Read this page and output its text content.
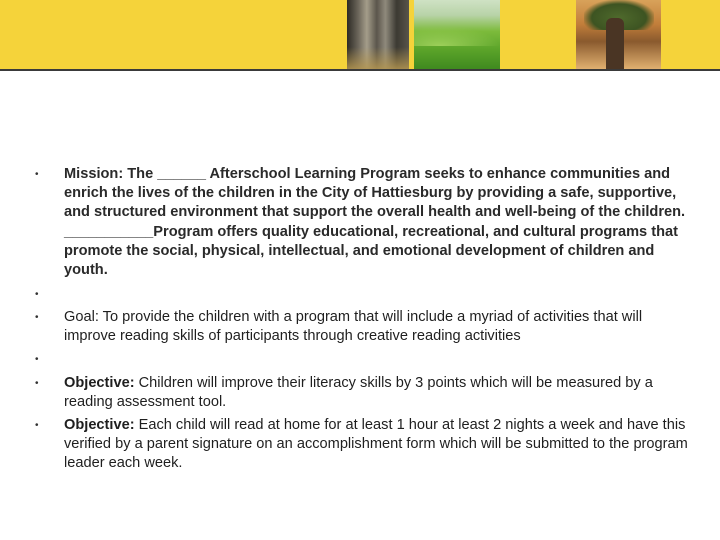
• Mission: The ______ Afterschool Learning Program seeks to enhance communities and enrich the lives of the children in the City of Hattiesburg by providing a safe, supportive, and structured environment that support the overall health and well-being of the children. ___________Program offers quality educational, recreational, and cultural programs that promote the social, physical, intellectual, and emotional development of children and youth.
•
• Goal: To provide the children with a program that will include a myriad of activities that will improve reading skills of participants through creative reading activities
•
• Objective: Children will improve their literacy skills by 3 points which will be measured by a reading assessment tool.
• Objective: Each child will read at home for at least 1 hour at least 2 nights a week and have this verified by a parent signature on an accomplishment form which will be submitted to the program leader each week.
